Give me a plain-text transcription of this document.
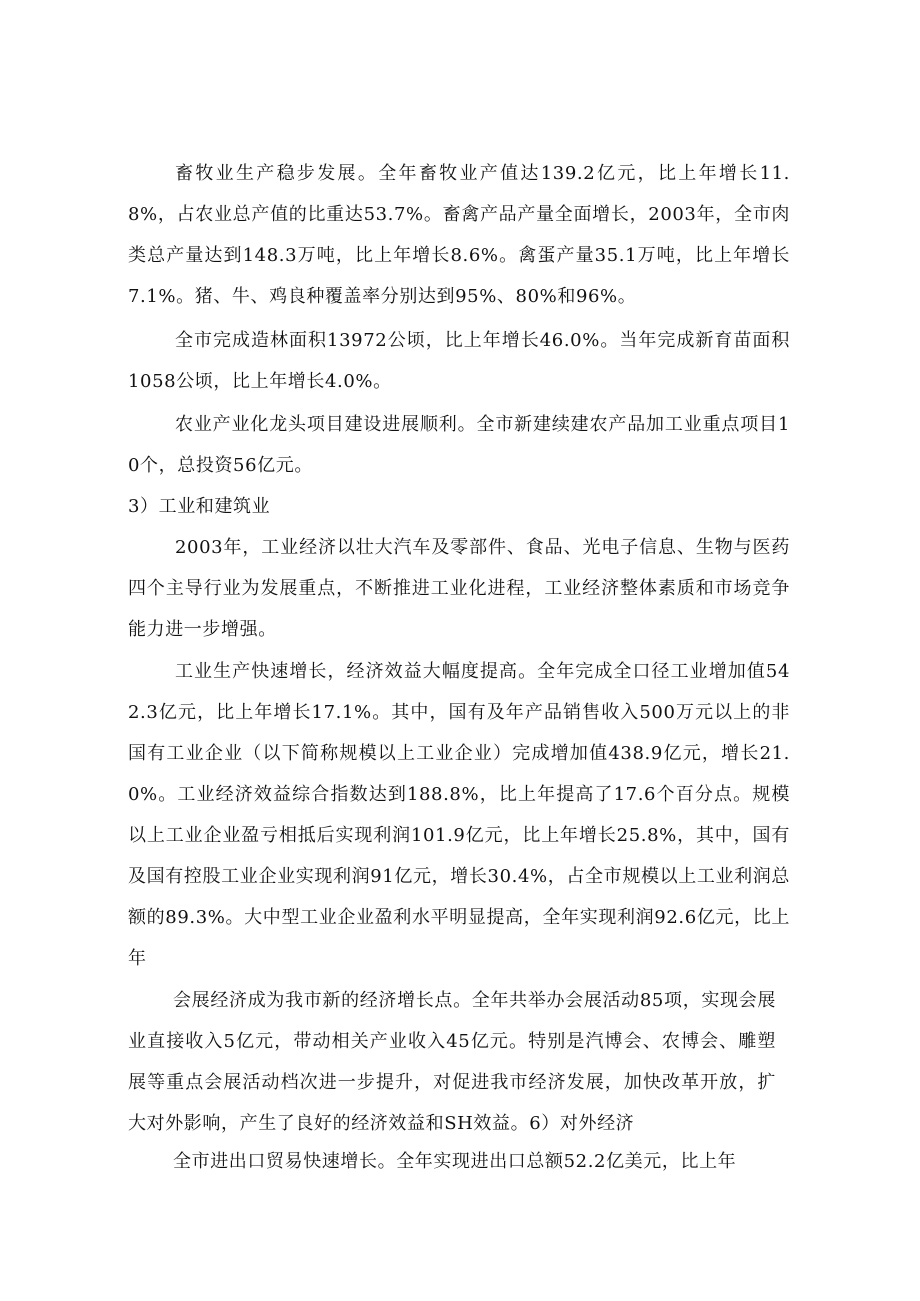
畜牧业生产稳步发展。全年畜牧业产值达139.2亿元，比上年增长11.8%，占农业总产值的比重达53.7%。畜禽产品产量全面增长，2003年，全市肉类总产量达到148.3万吨，比上年增长8.6%。禽蛋产量35.1万吨，比上年增长7.1%。猪、牛、鸡良种覆盖率分别达到95%、80%和96%。

全市完成造林面积13972公顷，比上年增长46.0%。当年完成新育苗面积1058公顷，比上年增长4.0%。

农业产业化龙头项目建设进展顺利。全市新建续建农产品加工业重点项目10个，总投资56亿元。

3）工业和建筑业

2003年，工业经济以壮大汽车及零部件、食品、光电子信息、生物与医药四个主导行业为发展重点，不断推进工业化进程，工业经济整体素质和市场竞争能力进一步增强。

工业生产快速增长，经济效益大幅度提高。全年完成全口径工业增加值542.3亿元，比上年增长17.1%。其中，国有及年产品销售收入500万元以上的非国有工业企业（以下简称规模以上工业企业）完成增加值438.9亿元，增长21.0%。工业经济效益综合指数达到188.8%，比上年提高了17.6个百分点。规模以上工业企业盈亏相抵后实现利润101.9亿元，比上年增长25.8%，其中，国有及国有控股工业企业实现利润91亿元，增长30.4%，占全市规模以上工业利润总额的89.3%。大中型工业企业盈利水平明显提高，全年实现利润92.6亿元，比上年

会展经济成为我市新的经济增长点。全年共举办会展活动85项，实现会展业直接收入5亿元，带动相关产业收入45亿元。特别是汽博会、农博会、雕塑展等重点会展活动档次进一步提升，对促进我市经济发展，加快改革开放，扩大对外影响，产生了良好的经济效益和SH效益。6）对外经济

全市进出口贸易快速增长。全年实现进出口总额52.2亿美元，比上年
